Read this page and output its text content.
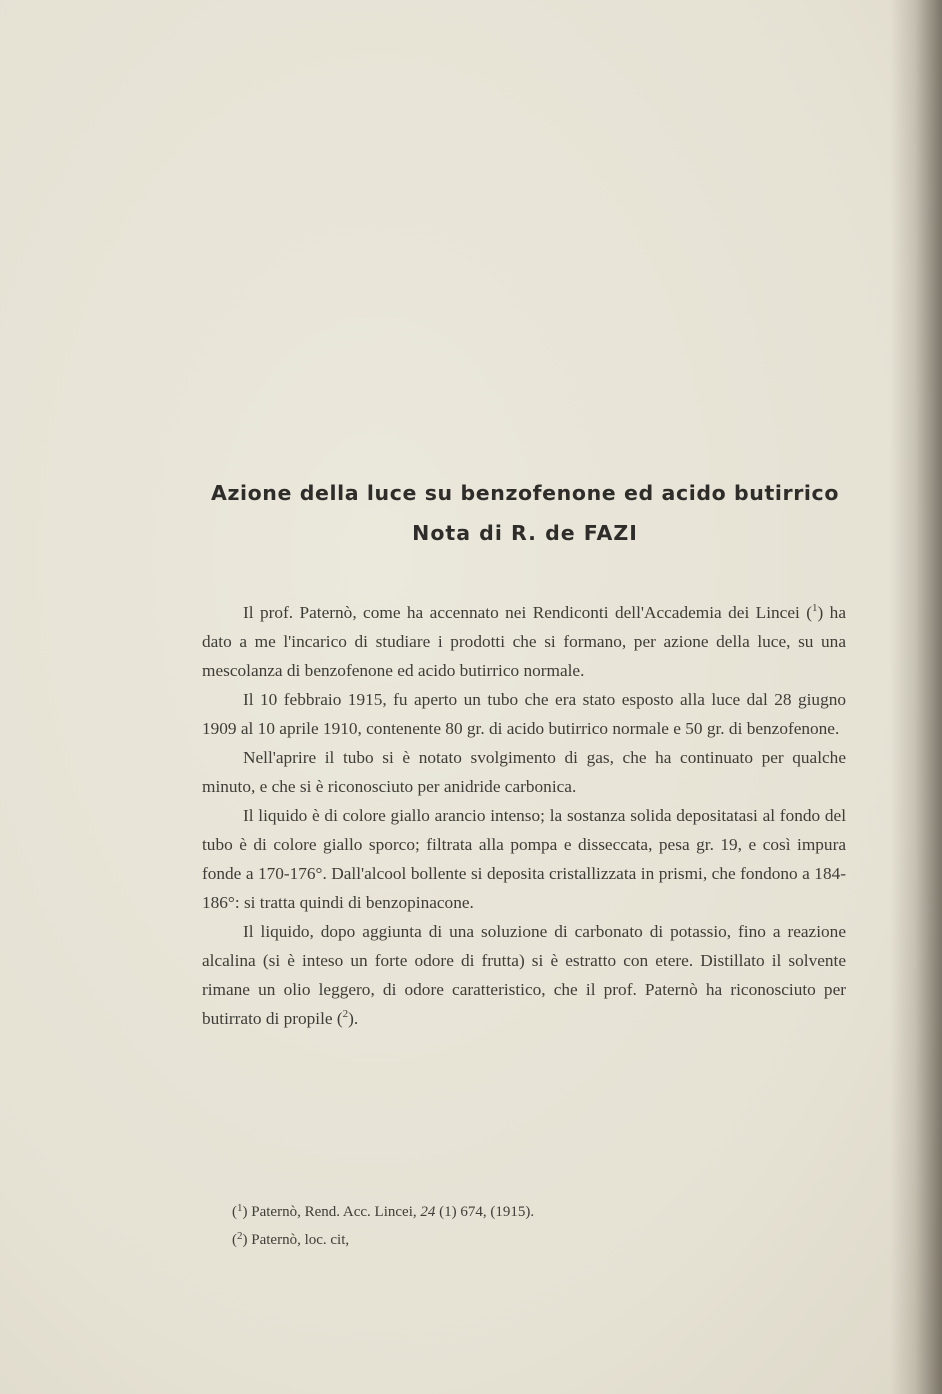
Azione della luce su benzofenone ed acido butirrico
Nota di R. de FAZI

Il prof. Paternò, come ha accennato nei Rendiconti dell'Accademia dei Lincei ($^1$) ha dato a me l'incarico di studiare i prodotti che si formano, per azione della luce, su una mescolanza di benzofenone ed acido butirrico normale.

Il 10 febbraio 1915, fu aperto un tubo che era stato esposto alla luce dal 28 giugno 1909 al 10 aprile 1910, contenente 80 gr. di acido butirrico normale e 50 gr. di benzofenone.

Nell'aprire il tubo si è notato svolgimento di gas, che ha continuato per qualche minuto, e che si è riconosciuto per anidride carbonica.

Il liquido è di colore giallo arancio intenso; la sostanza solida depositatasi al fondo del tubo è di colore giallo sporco; filtrata alla pompa e disseccata, pesa gr. 19, e così impura fonde a 170-176°. Dall'alcool bollente si deposita cristallizzata in prismi, che fondono a 184-186°: si tratta quindi di benzopinacone.

Il liquido, dopo aggiunta di una soluzione di carbonato di potassio, fino a reazione alcalina (si è inteso un forte odore di frutta) si è estratto con etere. Distillato il solvente rimane un olio leggero, di odore caratteristico, che il prof. Paternò ha riconosciuto per butirrato di propile ($^2$).

($^1$) Paternò, Rend. Acc. Lincei, 24 (1) 674, (1915).
($^2$) Paternò, loc. cit,
